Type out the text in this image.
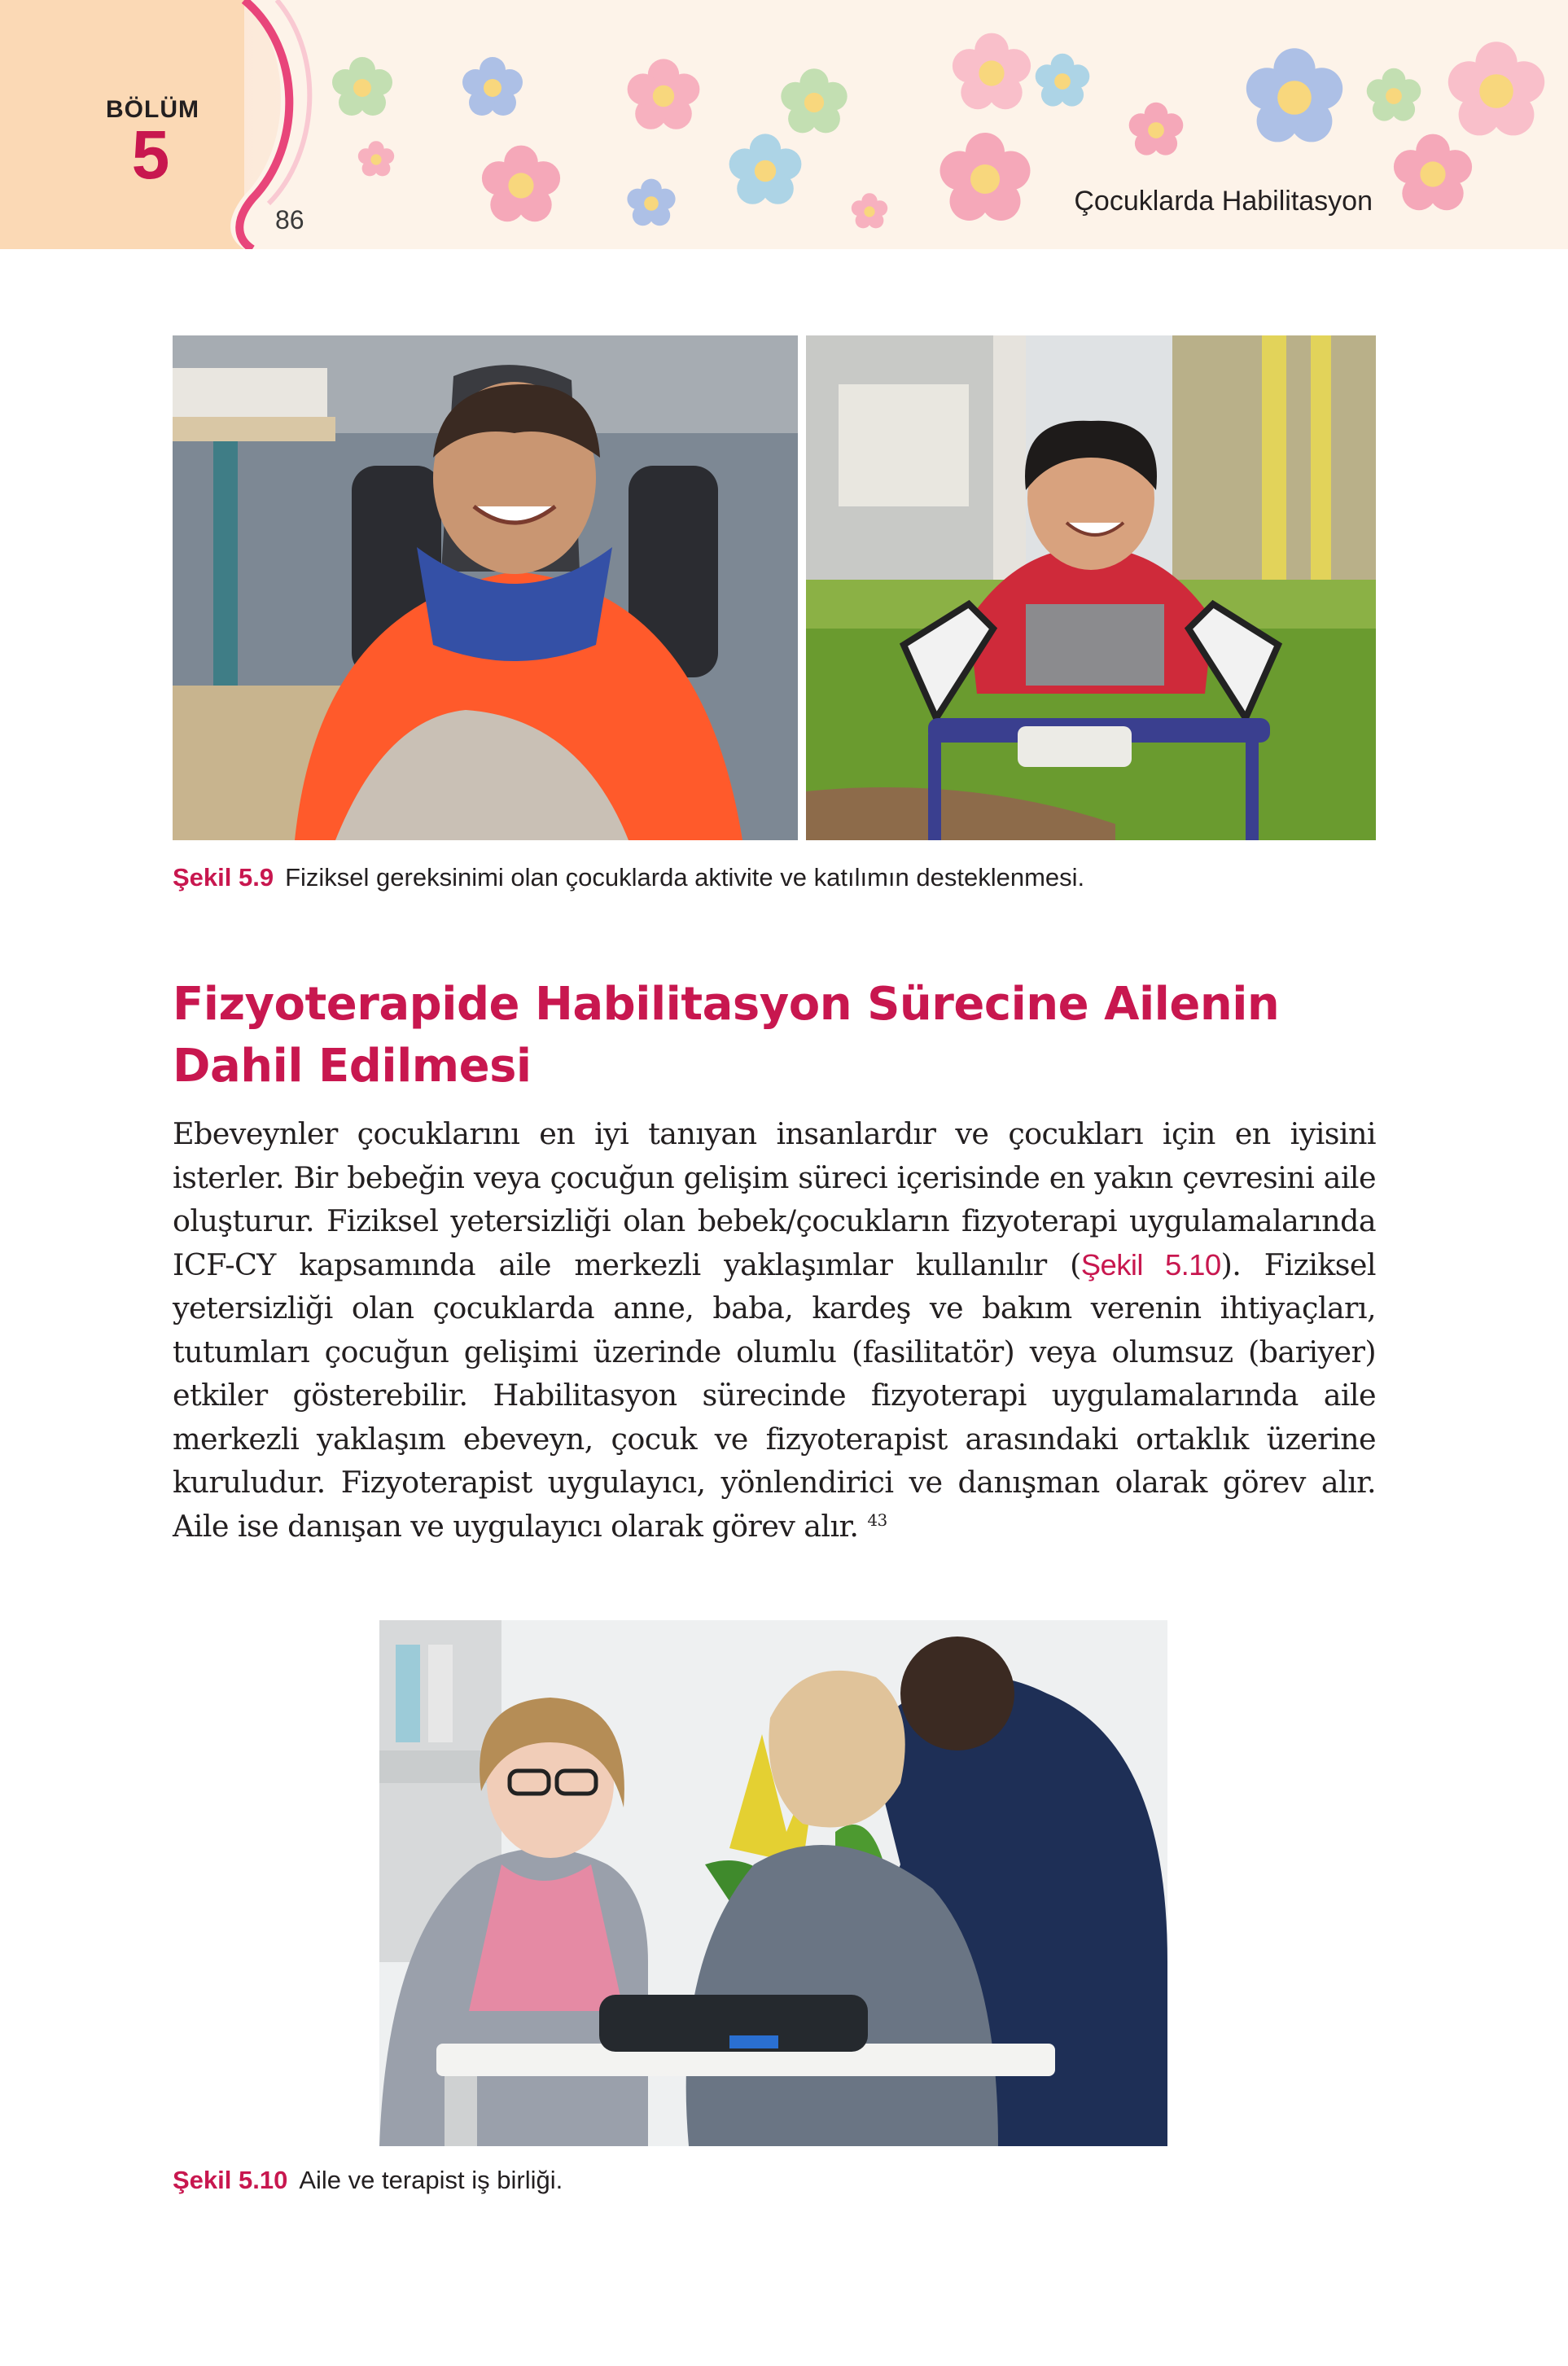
BÖLÜM
5
86
Çocuklarda Habilitasyon
Şekil 5.9 Fiziksel gereksinimi olan çocuklarda aktivite ve katılımın desteklenmesi.
Fizyoterapide Habilitasyon Sürecine Ailenin Dahil Edilmesi
Ebeveynler çocuklarını en iyi tanıyan insanlardır ve çocukları için en iyisini isterler. Bir bebeğin veya çocuğun gelişim süreci içerisinde en yakın çevresini aile oluşturur. Fiziksel yetersizliği olan bebek/çocukların fizyoterapi uygulamalarında ICF-CY kapsamında aile merkezli yaklaşımlar kullanılır (Şekil 5.10). Fiziksel yetersizliği olan çocuklarda anne, baba, kardeş ve bakım verenin ihtiyaçları, tutumları çocuğun gelişimi üzerinde olumlu (fasilitatör) veya olumsuz (bariyer) etkiler gösterebilir. Habilitasyon sürecinde fizyoterapi uygulamalarında aile merkezli yaklaşım ebeveyn, çocuk ve fizyoterapist arasındaki ortaklık üzerine kuruludur. Fizyoterapist uygulayıcı, yönlendirici ve danışman olarak görev alır. Aile ise danışan ve uygulayıcı olarak görev alır. $^{43}$
Şekil 5.10 Aile ve terapist iş birliği.
